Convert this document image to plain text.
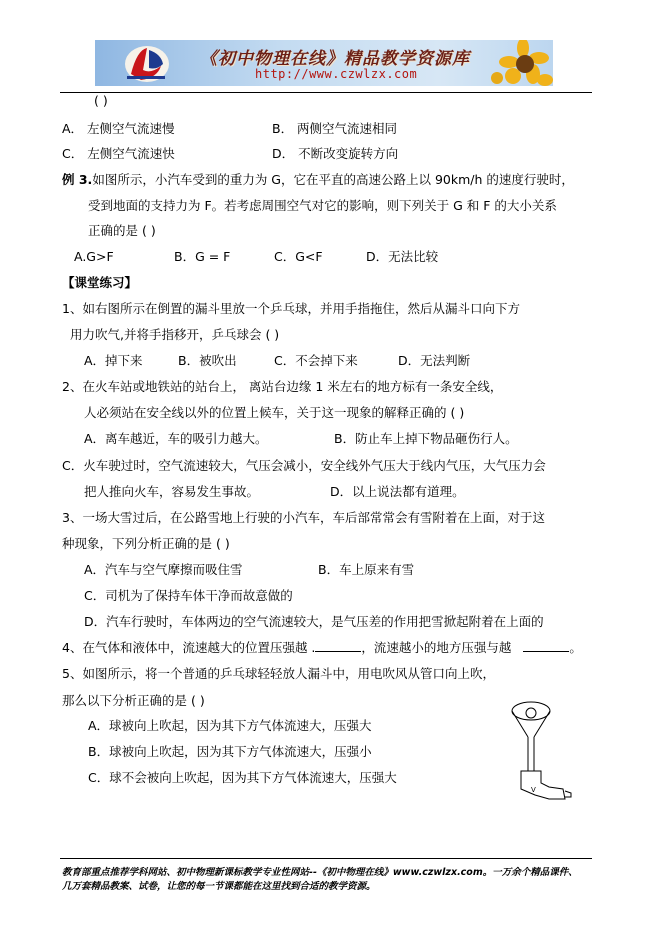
《初中物理在线》精品教学资源库
http://www.czwlzx.com
( )
A． 左侧空气流速慢	B． 两侧空气流速相同
C． 左侧空气流速快	D． 不断改变旋转方向
例 3.如图所示，小汽车受到的重力为 G，它在平直的高速公路上以 90km/h 的速度行驶时，
受到地面的支持力为 F。若考虑周围空气对它的影响，则下列关于 G 和 F 的大小关系
正确的是 ( )
A.G>F	B．G = F	C．G<F	D．无法比较
【课堂练习】
1、如右图所示在倒置的漏斗里放一个乒乓球，并用手指拖住，然后从漏斗口向下方
用力吹气,并将手指移开，乒乓球会 ( )
A．掉下来	B．被吹出	C．不会掉下来	D．无法判断
2、在火车站或地铁站的站台上， 离站台边缘 1 米左右的地方标有一条安全线，
人必须站在安全线以外的位置上候车，关于这一现象的解释正确的 ( )
A．离车越近，车的吸引力越大。	B．防止车上掉下物品砸伤行人。
C．火车驶过时，空气流速较大，气压会减小，安全线外气压大于线内气压，大气压力会
把人推向火车，容易发生事故。	D．以上说法都有道理。
3、一场大雪过后，在公路雪地上行驶的小汽车，车后部常常会有雪附着在上面，对于这
种现象，下列分析正确的是 ( )
A．汽车与空气摩擦而吸住雪	B．车上原来有雪
C．司机为了保持车体干净而故意做的
D．汽车行驶时，车体两边的空气流速较大，是气压差的作用把雪掀起附着在上面的
4、在气体和液体中，流速越大的位置压强越 .	，流速越小的地方压强与越	。
5、如图所示，将一个普通的乒乓球轻轻放人漏斗中，用电吹风从管口向上吹，
那么以下分析正确的是 ( )
A．球被向上吹起，因为其下方气体流速大，压强大
B．球被向上吹起，因为其下方气体流速大，压强小
C．球不会被向上吹起，因为其下方气体流速大，压强大
V
教育部重点推荐学科网站、初中物理新课标教学专业性网站--《初中物理在线》www.czwlzx.com。一万余个精品课件、
几万套精品教案、试卷，让您的每一节课都能在这里找到合适的教学资源。
